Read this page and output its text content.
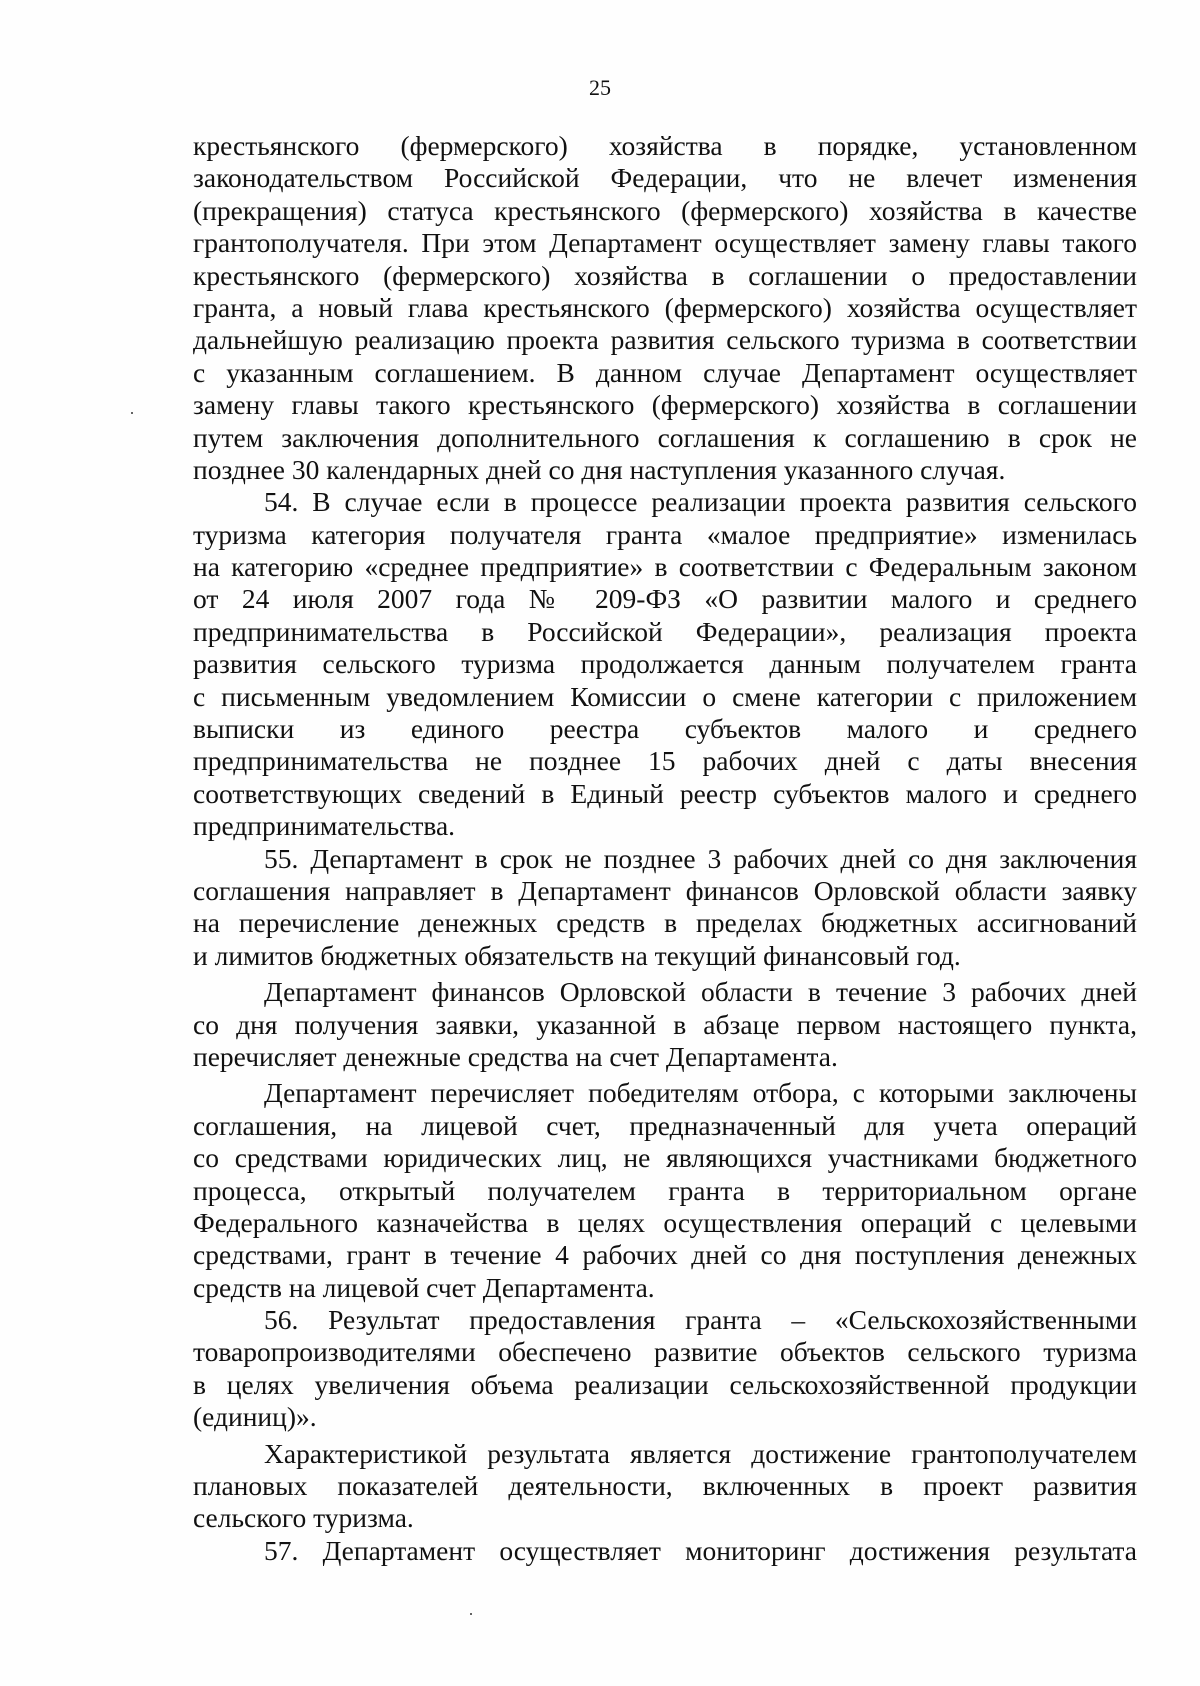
25
крестьянского (фермерского) хозяйства в порядке, установленном
законодательством Российской Федерации, что не влечет изменения
(прекращения) статуса крестьянского (фермерского) хозяйства в качестве
грантополучателя. При этом Департамент осуществляет замену главы такого
крестьянского (фермерского) хозяйства в соглашении о предоставлении
гранта, а новый глава крестьянского (фермерского) хозяйства осуществляет
дальнейшую реализацию проекта развития сельского туризма в соответствии
с указанным соглашением. В данном случае Департамент осуществляет
замену главы такого крестьянского (фермерского) хозяйства в соглашении
путем заключения дополнительного соглашения к соглашению в срок не
позднее 30 календарных дней со дня наступления указанного случая.
54. В случае если в процессе реализации проекта развития сельского
туризма категория получателя гранта «малое предприятие» изменилась
на категорию «среднее предприятие» в соответствии с Федеральным законом
от 24 июля 2007 года № 209-ФЗ «О развитии малого и среднего
предпринимательства в Российской Федерации», реализация проекта
развития сельского туризма продолжается данным получателем гранта
с письменным уведомлением Комиссии о смене категории с приложением
выписки из единого реестра субъектов малого и среднего
предпринимательства не позднее 15 рабочих дней с даты внесения
соответствующих сведений в Единый реестр субъектов малого и среднего
предпринимательства.
55. Департамент в срок не позднее 3 рабочих дней со дня заключения
соглашения направляет в Департамент финансов Орловской области заявку
на перечисление денежных средств в пределах бюджетных ассигнований
и лимитов бюджетных обязательств на текущий финансовый год.
Департамент финансов Орловской области в течение 3 рабочих дней
со дня получения заявки, указанной в абзаце первом настоящего пункта,
перечисляет денежные средства на счет Департамента.
Департамент перечисляет победителям отбора, с которыми заключены
соглашения, на лицевой счет, предназначенный для учета операций
со средствами юридических лиц, не являющихся участниками бюджетного
процесса, открытый получателем гранта в территориальном органе
Федерального казначейства в целях осуществления операций с целевыми
средствами, грант в течение 4 рабочих дней со дня поступления денежных
средств на лицевой счет Департамента.
56. Результат предоставления гранта – «Сельскохозяйственными
товаропроизводителями обеспечено развитие объектов сельского туризма
в целях увеличения объема реализации сельскохозяйственной продукции
(единиц)».
Характеристикой результата является достижение грантополучателем
плановых показателей деятельности, включенных в проект развития
сельского туризма.
57. Департамент осуществляет мониторинг достижения результата
